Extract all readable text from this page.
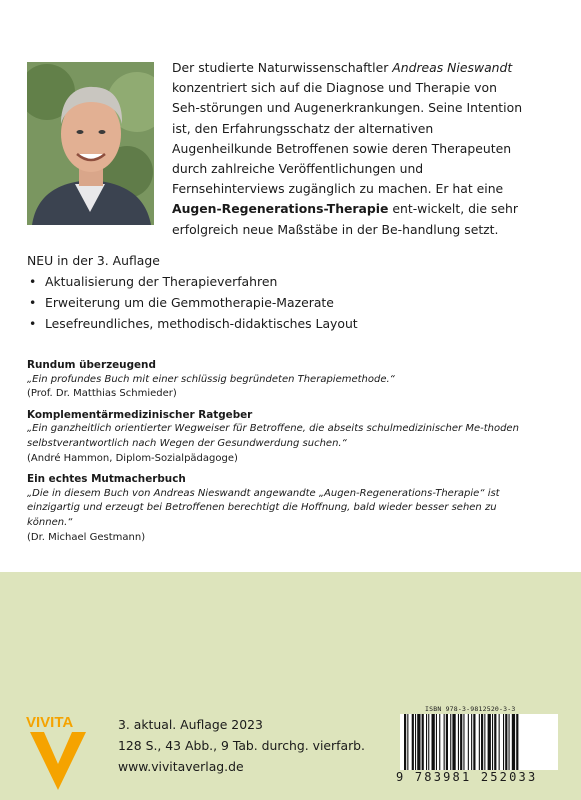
Der studierte Naturwissenschaftler Andreas Nieswandt konzentriert sich auf die Diagnose und Therapie von Seh-störungen und Augenerkrankungen. Seine Intention ist, den Erfahrungsschatz der alternativen Augenheilkunde Betroffenen sowie deren Therapeuten durch zahlreiche Veröffentlichungen und Fernsehinterviews zugänglich zu machen. Er hat eine Augen-Regenerations-Therapie ent-wickelt, die sehr erfolgreich neue Maßstäbe in der Be-handlung setzt.
NEU in der 3. Auflage
• Aktualisierung der Therapieverfahren
• Erweiterung um die Gemmotherapie-Mazerate
• Lesefreundliches, methodisch-didaktisches Layout
Rundum überzeugend
„Ein profundes Buch mit einer schlüssig begründeten Therapiemethode.“
(Prof. Dr. Matthias Schmieder)
Komplementärmedizinischer Ratgeber
„Ein ganzheitlich orientierter Wegweiser für Betroffene, die abseits schulmedizinischer Me-thoden selbstverantwortlich nach Wegen der Gesundwerdung suchen.“
(André Hammon, Diplom-Sozialpädagoge)
Ein echtes Mutmacherbuch
„Die in diesem Buch von Andreas Nieswandt angewandte „Augen-Regenerations-Therapie“ ist einzigartig und erzeugt bei Betroffenen berechtigt die Hoffnung, bald wieder besser sehen zu können.“
(Dr. Michael Gestmann)
VIVITA	3. aktual. Auflage 2023
128 S., 43 Abb., 9 Tab. durchg. vierfarb.
www.vivitaverlag.de
ISBN 978-3-9812520-3-3
9 783981 252033
